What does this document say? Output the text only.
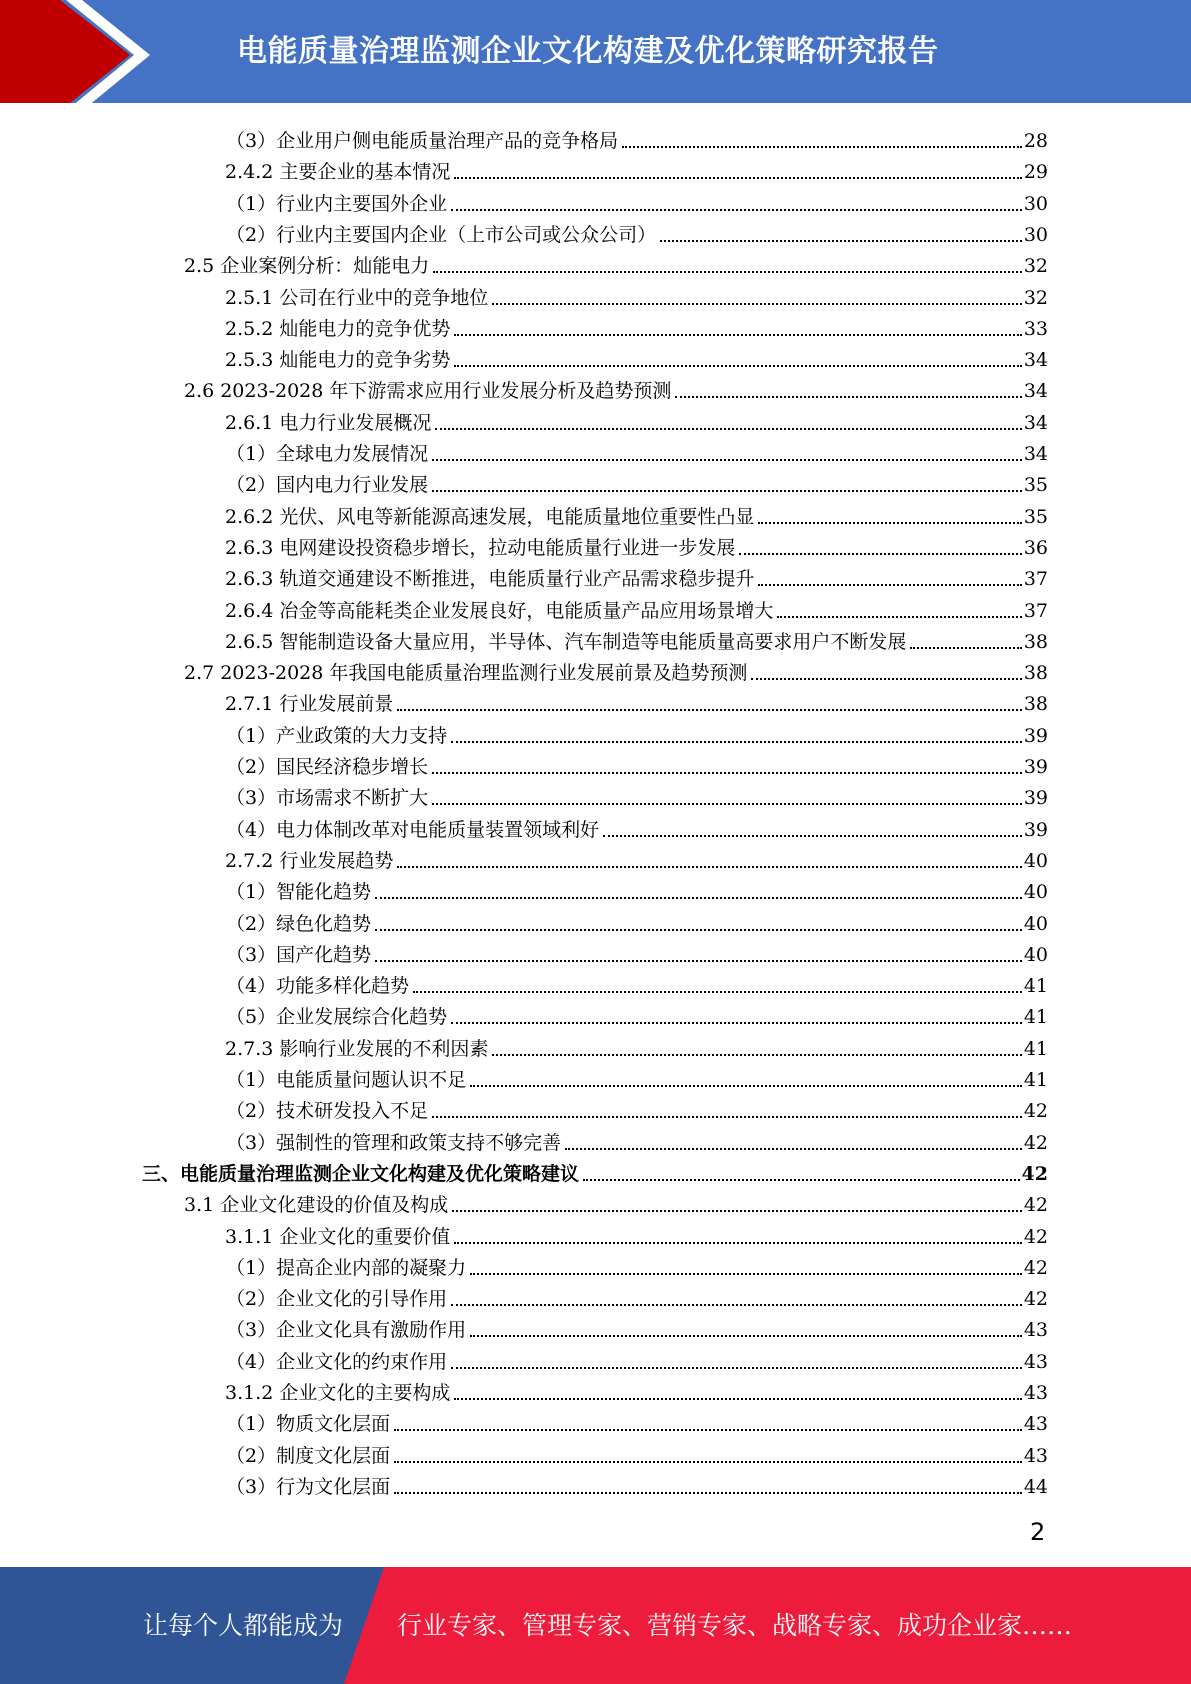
电能质量治理监测企业文化构建及优化策略研究报告
（3） 企业用户侧电能质量治理产品的竞争格局	28
2.4.2 主要企业的基本情况	29
（1） 行业内主要国外企业	30
（2） 行业内主要国内企业（上市公司或公众公司）	30
2.5 企业案例分析：灿能电力	32
2.5.1 公司在行业中的竞争地位	32
2.5.2 灿能电力的竞争优势	33
2.5.3 灿能电力的竞争劣势	34
2.6 2023-2028 年下游需求应用行业发展分析及趋势预测	34
2.6.1 电力行业发展概况	34
（1） 全球电力发展情况	34
（2） 国内电力行业发展	35
2.6.2 光伏、风电等新能源高速发展，电能质量地位重要性凸显	35
2.6.3 电网建设投资稳步增长，拉动电能质量行业进一步发展	36
2.6.3 轨道交通建设不断推进，电能质量行业产品需求稳步提升	37
2.6.4 冶金等高能耗类企业发展良好，电能质量产品应用场景增大	37
2.6.5 智能制造设备大量应用，半导体、汽车制造等电能质量高要求用户不断发展	38
2.7 2023-2028 年我国电能质量治理监测行业发展前景及趋势预测	38
2.7.1 行业发展前景	38
（1） 产业政策的大力支持	39
（2） 国民经济稳步增长	39
（3） 市场需求不断扩大	39
（4） 电力体制改革对电能质量装置领域利好	39
2.7.2 行业发展趋势	40
（1） 智能化趋势	40
（2） 绿色化趋势	40
（3） 国产化趋势	40
（4） 功能多样化趋势	41
（5） 企业发展综合化趋势	41
2.7.3 影响行业发展的不利因素	41
（1） 电能质量问题认识不足	41
（2） 技术研发投入不足	42
（3） 强制性的管理和政策支持不够完善	42
三、 电能质量治理监测企业文化构建及优化策略建议	42
3.1 企业文化建设的价值及构成	42
3.1.1 企业文化的重要价值	42
（1） 提高企业内部的凝聚力	42
（2） 企业文化的引导作用	42
（3） 企业文化具有激励作用	43
（4） 企业文化的约束作用	43
3.1.2 企业文化的主要构成	43
（1） 物质文化层面	43
（2） 制度文化层面	43
（3） 行为文化层面	44
2
让每个人都能成为 行业专家、管理专家、营销专家、战略专家、成功企业家……
